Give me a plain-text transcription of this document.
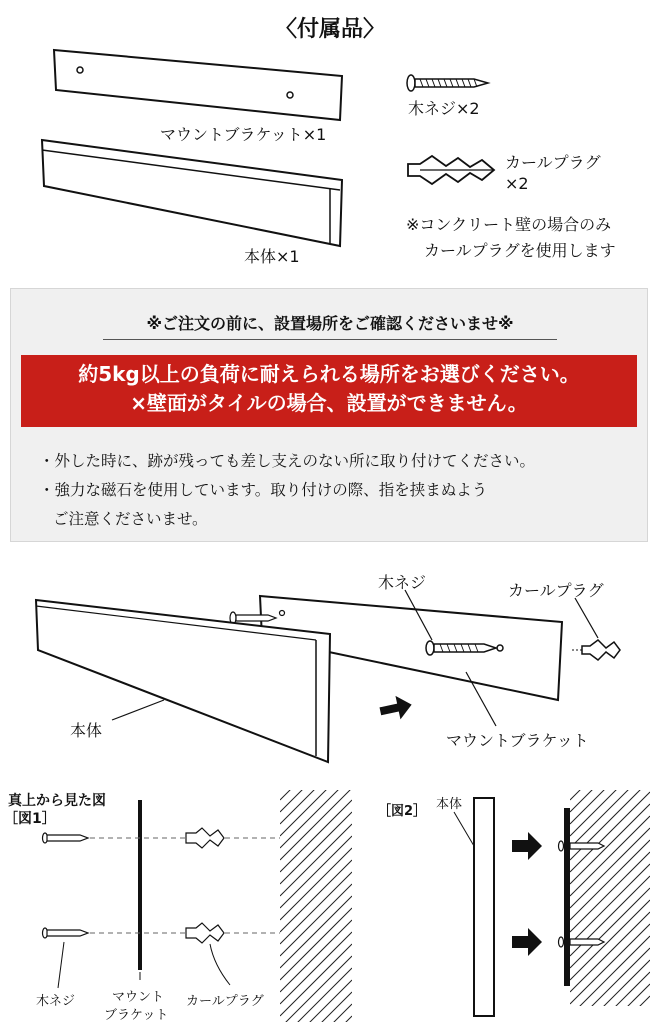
〈付属品〉
マウントブラケット×1
本体×1
木ネジ×2
カールプラグ
×2
※コンクリート壁の場合のみ
カールプラグを使用します
※ご注文の前に、設置場所をご確認くださいませ※
約5kg以上の負荷に耐えられる場所をお選びください。
×壁面がタイルの場合、設置ができません。
・外した時に、跡が残っても差し支えのない所に取り付けてください。
・強力な磁石を使用しています。取り付けの際、指を挟まぬよう
ご注意くださいませ。
木ネジ	カールプラグ
本体
マウントブラケット
真上から見た図
［図1］
木ネジ	マウント
ブラケット
カールプラグ
［図2］ 本体
